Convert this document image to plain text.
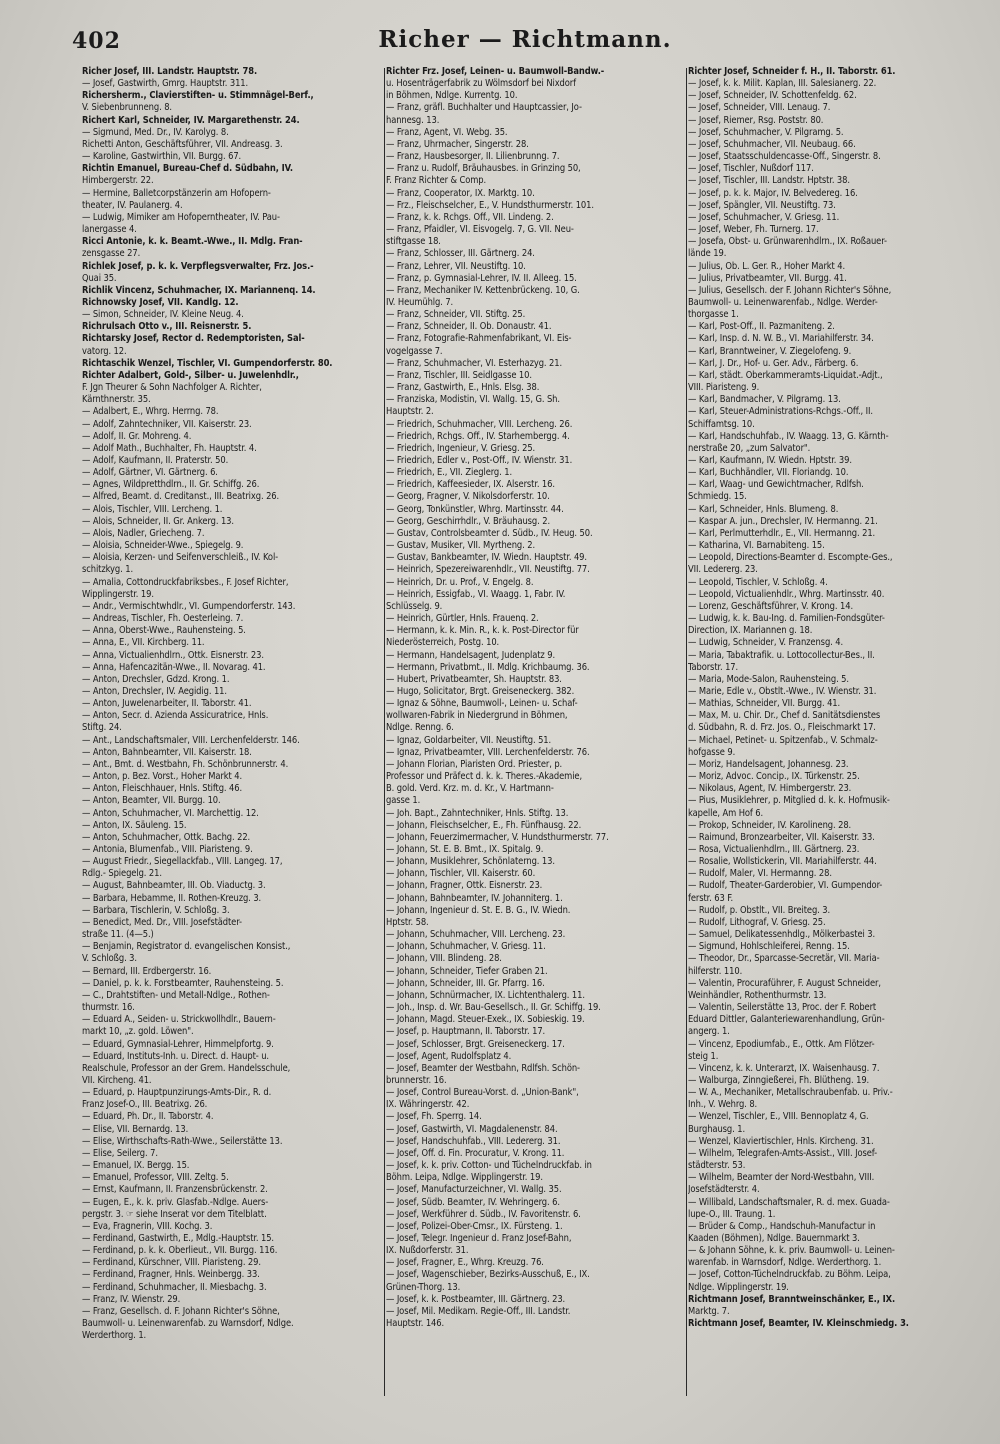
402	Richer — Richtmann.
Richer Josef, III. Landstr. Hauptstr. 78.
— Josef, Gastwirth, Gmrg. Hauptstr. 311.
Richersherm., Clavierstiften- u. Stimmnägel-Berf.,
V. Siebenbrunneng. 8.
Richert Karl, Schneider, IV. Margarethenstr. 24.
— Sigmund, Med. Dr., IV. Karolyg. 8.
Richetti Anton, Geschäftsführer, VII. Andreasg. 3.
— Karoline, Gastwirthin, VII. Burgg. 67.
Richtin Emanuel, Bureau-Chef d. Südbahn, IV.
Himbergerstr. 22.
— Hermine, Balletcorpstänzerin am Hofopern-
theater, IV. Paulanerg. 4.
— Ludwig, Mimiker am Hofoperntheater, IV. Pau-
lanergasse 4.
Ricci Antonie, k. k. Beamt.-Wwe., II. Mdlg. Fran-
zensgasse 27.
Richlek Josef, p. k. k. Verpflegsverwalter, Frz. Jos.-
Quai 35.
Richlik Vincenz, Schuhmacher, IX. Mariannenq. 14.
Richnowsky Josef, VII. Kandlg. 12.
— Simon, Schneider, IV. Kleine Neug. 4.
Richrulsach Otto v., III. Reisnerstr. 5.
Richtarsky Josef, Rector d. Redemptoristen, Sal-
vatorg. 12.
Richtaschik Wenzel, Tischler, VI. Gumpendorferstr. 80.
Richter Adalbert, Gold-, Silber- u. Juwelenhdlr.,
F. Jgn Theurer & Sohn Nachfolger A. Richter,
Kärnthnerstr. 35.
— Adalbert, E., Whrg. Herrng. 78.
— Adolf, Zahntechniker, VII. Kaiserstr. 23.
— Adolf, II. Gr. Mohreng. 4.
— Adolf Math., Buchhalter, Fh. Hauptstr. 4.
— Adolf, Kaufmann, II. Praterstr. 50.
— Adolf, Gärtner, VI. Gärtnerg. 6.
— Agnes, Wildpretthdlrn., II. Gr. Schiffg. 26.
— Alfred, Beamt. d. Creditanst., III. Beatrixg. 26.
— Alois, Tischler, VIII. Lercheng. 1.
— Alois, Schneider, II. Gr. Ankerg. 13.
— Alois, Nadler, Griecheng. 7.
— Aloisia, Schneider-Wwe., Spiegelg. 9.
— Aloisia, Kerzen- und Seifenverschleiß., IV. Kol-
schitzkyg. 1.
— Amalia, Cottondruckfabriksbes., F. Josef Richter,
Wipplingerstr. 19.
— Andr., Vermischtwhdlr., VI. Gumpendorferstr. 143.
— Andreas, Tischler, Fh. Oesterleing. 7.
— Anna, Oberst-Wwe., Rauhensteing. 5.
— Anna, E., VII. Kirchberg. 11.
— Anna, Victualienhdlrn., Ottk. Eisnerstr. 23.
— Anna, Hafencazitän-Wwe., II. Novarag. 41.
— Anton, Drechsler, Gdzd. Krong. 1.
— Anton, Drechsler, IV. Aegidig. 11.
— Anton, Juwelenarbeiter, II. Taborstr. 41.
— Anton, Secr. d. Azienda Assicuratrice, Hnls.
Stiftg. 24.
— Ant., Landschaftsmaler, VIII. Lerchenfelderstr. 146.
— Anton, Bahnbeamter, VII. Kaiserstr. 18.
— Ant., Bmt. d. Westbahn, Fh. Schönbrunnerstr. 4.
— Anton, p. Bez. Vorst., Hoher Markt 4.
— Anton, Fleischhauer, Hnls. Stiftg. 46.
— Anton, Beamter, VII. Burgg. 10.
— Anton, Schuhmacher, VI. Marchettig. 12.
— Anton, IX. Säuleng. 15.
— Anton, Schuhmacher, Ottk. Bachg. 22.
— Antonia, Blumenfab., VIII. Piaristeng. 9.
— August Friedr., Siegellackfab., VIII. Langeg. 17,
Rdlg.- Spiegelg. 21.
— August, Bahnbeamter, III. Ob. Viaductg. 3.
— Barbara, Hebamme, II. Rothen-Kreuzg. 3.
— Barbara, Tischlerin, V. Schloßg. 3.
— Benedict, Med. Dr., VIII. Josefstädter-
straße 11. (4—5.)
— Benjamin, Registrator d. evangelischen Konsist.,
V. Schloßg. 3.
— Bernard, III. Erdbergerstr. 16.
— Daniel, p. k. k. Forstbeamter, Rauhensteing. 5.
— C., Drahtstiften- und Metall-Ndlge., Rothen-
thurmstr. 16.
— Eduard A., Seiden- u. Strickwollhdlr., Bauern-
markt 10, „z. gold. Löwen".
— Eduard, Gymnasial-Lehrer, Himmelpfortg. 9.
— Eduard, Instituts-Inh. u. Direct. d. Haupt- u.
Realschule, Professor an der Grem. Handelsschule,
VII. Kircheng. 41.
— Eduard, p. Hauptpunzirungs-Amts-Dir., R. d.
Franz Josef-O., III. Beatrixg. 26.
— Eduard, Ph. Dr., II. Taborstr. 4.
— Elise, VII. Bernardg. 13.
— Elise, Wirthschafts-Rath-Wwe., Seilerstätte 13.
— Elise, Seilerg. 7.
— Emanuel, IX. Bergg. 15.
— Emanuel, Professor, VIII. Zeltg. 5.
— Ernst, Kaufmann, II. Franzensbrückenstr. 2.
— Eugen, E., k. k. priv. Glasfab.-Ndlge. Auers-
pergstr. 3. ☞ siehe Inserat vor dem Titelblatt.
— Eva, Fragnerin, VIII. Kochg. 3.
— Ferdinand, Gastwirth, E., Mdlg.-Hauptstr. 15.
— Ferdinand, p. k. k. Oberlieut., VII. Burgg. 116.
— Ferdinand, Kürschner, VIII. Piaristeng. 29.
— Ferdinand, Fragner, Hnls. Weinbergg. 33.
— Ferdinand, Schuhmacher, II. Miesbachg. 3.
— Franz, IV. Wienstr. 29.
— Franz, Gesellsch. d. F. Johann Richter's Söhne,
Baumwoll- u. Leinenwarenfab. zu Warnsdorf, Ndlge.
Werderthorg. 1.
Richter Frz. Josef, Leinen- u. Baumwoll-Bandw.-
u. Hosenträgerfabrik zu Wölmsdorf bei Nixdorf
in Böhmen, Ndlge. Kurrentg. 10.
— Franz, gräfl. Buchhalter und Hauptcassier, Jo-
hannesg. 13.
— Franz, Agent, VI. Webg. 35.
— Franz, Uhrmacher, Singerstr. 28.
— Franz, Hausbesorger, II. Lilienbrunng. 7.
— Franz u. Rudolf, Bräuhausbes. in Grinzing 50,
F. Franz Richter & Comp.
— Franz, Cooperator, IX. Marktg. 10.
— Frz., Fleischselcher, E., V. Hundsthurmerstr. 101.
— Franz, k. k. Rchgs. Off., VII. Lindeng. 2.
— Franz, Pfaidler, VI. Eisvogelg. 7, G. VII. Neu-
stiftgasse 18.
— Franz, Schlosser, III. Gärtnerg. 24.
— Franz, Lehrer, VII. Neustiftg. 10.
— Franz, p. Gymnasial-Lehrer, IV. II. Alleeg. 15.
— Franz, Mechaniker IV. Kettenbrückeng. 10, G.
IV. Heumühlg. 7.
— Franz, Schneider, VII. Stiftg. 25.
— Franz, Schneider, II. Ob. Donaustr. 41.
— Franz, Fotografie-Rahmenfabrikant, VI. Eis-
vogelgasse 7.
— Franz, Schuhmacher, VI. Esterhazyg. 21.
— Franz, Tischler, III. Seidlgasse 10.
— Franz, Gastwirth, E., Hnls. Elsg. 38.
— Franziska, Modistin, VI. Wallg. 15, G. Sh.
Hauptstr. 2.
— Friedrich, Schuhmacher, VIII. Lercheng. 26.
— Friedrich, Rchgs. Off., IV. Starhembergg. 4.
— Friedrich, Ingenieur, V. Griesg. 25.
— Friedrich, Edler v., Post-Off., IV. Wienstr. 31.
— Friedrich, E., VII. Zieglerg. 1.
— Friedrich, Kaffeesieder, IX. Alserstr. 16.
— Georg, Fragner, V. Nikolsdorferstr. 10.
— Georg, Tonkünstler, Whrg. Martinsstr. 44.
— Georg, Geschirrhdlr., V. Bräuhausg. 2.
— Gustav, Controlsbeamter d. Südb., IV. Heug. 50.
— Gustav, Musiker, VII. Myrtheng. 2.
— Gustav, Bankbeamter, IV. Wiedn. Hauptstr. 49.
— Heinrich, Spezereiwarenhdlr., VII. Neustiftg. 77.
— Heinrich, Dr. u. Prof., V. Engelg. 8.
— Heinrich, Essigfab., VI. Waagg. 1, Fabr. IV.
Schlüsselg. 9.
— Heinrich, Gürtler, Hnls. Frauenq. 2.
— Hermann, k. k. Min. R., k. k. Post-Director für
Niederösterreich, Postg. 10.
— Hermann, Handelsagent, Judenplatz 9.
— Hermann, Privatbmt., II. Mdlg. Krichbaumg. 36.
— Hubert, Privatbeamter, Sh. Hauptstr. 83.
— Hugo, Solicitator, Brgt. Greiseneckerg. 382.
— Ignaz & Söhne, Baumwoll-, Leinen- u. Schaf-
wollwaren-Fabrik in Niedergrund in Böhmen,
Ndlge. Renng. 6.
— Ignaz, Goldarbeiter, VII. Neustiftg. 51.
— Ignaz, Privatbeamter, VIII. Lerchenfelderstr. 76.
— Johann Florian, Piaristen Ord. Priester, p.
Professor und Präfect d. k. k. Theres.-Akademie,
B. gold. Verd. Krz. m. d. Kr., V. Hartmann-
gasse 1.
— Joh. Bapt., Zahntechniker, Hnls. Stiftg. 13.
— Johann, Fleischselcher, E., Fh. Fünfhausg. 22.
— Johann, Feuerzimermacher, V. Hundsthurmerstr. 77.
— Johann, St. E. B. Bmt., IX. Spitalg. 9.
— Johann, Musiklehrer, Schönlaterng. 13.
— Johann, Tischler, VII. Kaiserstr. 60.
— Johann, Fragner, Ottk. Eisnerstr. 23.
— Johann, Bahnbeamter, IV. Johanniterg. 1.
— Johann, Ingenieur d. St. E. B. G., IV. Wiedn.
Hptstr. 58.
— Johann, Schuhmacher, VIII. Lercheng. 23.
— Johann, Schuhmacher, V. Griesg. 11.
— Johann, VIII. Blindeng. 28.
— Johann, Schneider, Tiefer Graben 21.
— Johann, Schneider, III. Gr. Pfarrg. 16.
— Johann, Schnürmacher, IX. Lichtenthalerg. 11.
— Joh., Insp. d. Wr. Bau-Gesellsch., II. Gr. Schiffg. 19.
— Johann, Magd. Steuer-Exek., IX. Sobieskig. 19.
— Josef, p. Hauptmann, II. Taborstr. 17.
— Josef, Schlosser, Brgt. Greiseneckerg. 17.
— Josef, Agent, Rudolfsplatz 4.
— Josef, Beamter der Westbahn, Rdlfsh. Schön-
brunnerstr. 16.
— Josef, Control Bureau-Vorst. d. „Union-Bank",
IX. Währingerstr. 42.
— Josef, Fh. Sperrg. 14.
— Josef, Gastwirth, VI. Magdalenenstr. 84.
— Josef, Handschuhfab., VIII. Ledererg. 31.
— Josef, Off. d. Fin. Procuratur, V. Krong. 11.
— Josef, k. k. priv. Cotton- und Tüchelndruckfab. in
Böhm. Leipa, Ndlge. Wipplingerstr. 19.
— Josef, Manufacturzeichner, VI. Wallg. 35.
— Josef, Südb. Beamter, IV. Wehringerg. 6.
— Josef, Werkführer d. Südb., IV. Favoritenstr. 6.
— Josef, Polizei-Ober-Cmsr., IX. Fürsteng. 1.
— Josef, Telegr. Ingenieur d. Franz Josef-Bahn,
IX. Nußdorferstr. 31.
— Josef, Fragner, E., Whrg. Kreuzg. 76.
— Josef, Wagenschieber, Bezirks-Ausschuß, E., IX.
Grünen-Thorg. 13.
— Josef, k. k. Postbeamter, III. Gärtnerg. 23.
— Josef, Mil. Medikam. Regie-Off., III. Landstr.
Hauptstr. 146.
Richter Josef, Schneider f. H., II. Taborstr. 61.
— Josef, k. k. Milit. Kaplan, III. Salesianerg. 22.
— Josef, Schneider, IV. Schottenfeldg. 62.
— Josef, Schneider, VIII. Lenaug. 7.
— Josef, Riemer, Rsg. Poststr. 80.
— Josef, Schuhmacher, V. Pilgramg. 5.
— Josef, Schuhmacher, VII. Neubaug. 66.
— Josef, Staatsschuldencasse-Off., Singerstr. 8.
— Josef, Tischler, Nußdorf 117.
— Josef, Tischler, III. Landstr. Hptstr. 38.
— Josef, p. k. k. Major, IV. Belvedereg. 16.
— Josef, Spängler, VII. Neustiftg. 73.
— Josef, Schuhmacher, V. Griesg. 11.
— Josef, Weber, Fh. Turnerg. 17.
— Josefa, Obst- u. Grünwarenhdlrn., IX. Roßauer-
lände 19.
— Julius, Ob. L. Ger. R., Hoher Markt 4.
— Julius, Privatbeamter, VII. Burgg. 41.
— Julius, Gesellsch. der F. Johann Richter's Söhne,
Baumwoll- u. Leinenwarenfab., Ndlge. Werder-
thorgasse 1.
— Karl, Post-Off., II. Pazmaniteng. 2.
— Karl, Insp. d. N. W. B., VI. Mariahilferstr. 34.
— Karl, Branntweiner, V. Ziegelofeng. 9.
— Karl, J. Dr., Hof- u. Ger. Adv., Färberg. 6.
— Karl, städt. Oberkammeramts-Liquidat.-Adjt.,
VIII. Piaristeng. 9.
— Karl, Bandmacher, V. Pilgramg. 13.
— Karl, Steuer-Administrations-Rchgs.-Off., II.
Schiffamtsg. 10.
— Karl, Handschuhfab., IV. Waagg. 13, G. Kärnth-
nerstraße 20, „zum Salvator".
— Karl, Kaufmann, IV. Wiedn. Hptstr. 39.
— Karl, Buchhändler, VII. Floriandg. 10.
— Karl, Waag- und Gewichtmacher, Rdlfsh.
Schmiedg. 15.
— Karl, Schneider, Hnls. Blumeng. 8.
— Kaspar A. jun., Drechsler, IV. Hermanng. 21.
— Karl, Perlmutterhdlr., E., VII. Hermanng. 21.
— Katharina, VI. Barnabiteng. 15.
— Leopold, Directions-Beamter d. Escompte-Ges.,
VII. Ledererg. 23.
— Leopold, Tischler, V. Schloßg. 4.
— Leopold, Victualienhdlr., Whrg. Martinsstr. 40.
— Lorenz, Geschäftsführer, V. Krong. 14.
— Ludwig, k. k. Bau-Ing. d. Familien-Fondsgüter-
Direction, IX. Mariannen g. 18.
— Ludwig, Schneider, V. Franzensg. 4.
— Maria, Tabaktrafik. u. Lottocollectur-Bes., II.
Taborstr. 17.
— Maria, Mode-Salon, Rauhensteing. 5.
— Marie, Edle v., Obstlt.-Wwe., IV. Wienstr. 31.
— Mathias, Schneider, VII. Burgg. 41.
— Max, M. u. Chir. Dr., Chef d. Sanitätsdienstes
d. Südbahn, R. d. Frz. Jos. O., Fleischmarkt 17.
— Michael, Petinet- u. Spitzenfab., V. Schmalz-
hofgasse 9.
— Moriz, Handelsagent, Johannesg. 23.
— Moriz, Advoc. Concip., IX. Türkenstr. 25.
— Nikolaus, Agent, IV. Himbergerstr. 23.
— Pius, Musiklehrer, p. Mitglied d. k. k. Hofmusik-
kapelle, Am Hof 6.
— Prokop, Schneider, IV. Karolineng. 28.
— Raimund, Bronzearbeiter, VII. Kaiserstr. 33.
— Rosa, Victualienhdlrn., III. Gärtnerg. 23.
— Rosalie, Wollstickerin, VII. Mariahilferstr. 44.
— Rudolf, Maler, VI. Hermanng. 28.
— Rudolf, Theater-Garderobier, VI. Gumpendor-
ferstr. 63 F.
— Rudolf, p. Obstlt., VII. Breiteg. 3.
— Rudolf, Lithograf, V. Griesg. 25.
— Samuel, Delikatessenhdlg., Mölkerbastei 3.
— Sigmund, Hohlschleiferei, Renng. 15.
— Theodor, Dr., Sparcasse-Secretär, VII. Maria-
hilferstr. 110.
— Valentin, Procuraführer, F. August Schneider,
Weinhändler, Rothenthurmstr. 13.
— Valentin, Seilerstätte 13, Proc. der F. Robert
Eduard Dittler, Galanteriewarenhandlung, Grün-
angerg. 1.
— Vincenz, Epodiumfab., E., Ottk. Am Flötzer-
steig 1.
— Vincenz, k. k. Unterarzt, IX. Waisenhausg. 7.
— Walburga, Zinngießerei, Fh. Blütheng. 19.
— W. A., Mechaniker, Metallschraubenfab. u. Priv.-
Inh., V. Wehrg. 8.
— Wenzel, Tischler, E., VIII. Bennoplatz 4, G.
Burghausg. 1.
— Wenzel, Klaviertischler, Hnls. Kircheng. 31.
— Wilhelm, Telegrafen-Amts-Assist., VIII. Josef-
städterstr. 53.
— Wilhelm, Beamter der Nord-Westbahn, VIII.
Josefstädterstr. 4.
— Willibald, Landschaftsmaler, R. d. mex. Guada-
lupe-O., III. Traung. 1.
— Brüder & Comp., Handschuh-Manufactur in
Kaaden (Böhmen), Ndlge. Bauernmarkt 3.
— & Johann Söhne, k. k. priv. Baumwoll- u. Leinen-
warenfab. in Warnsdorf, Ndlge. Werderthorg. 1.
— Josef, Cotton-Tüchelndruckfab. zu Böhm. Leipa,
Ndlge. Wipplingerstr. 19.
Richtmann Josef, Branntweinschänker, E., IX.
Marktg. 7.
Richtmann Josef, Beamter, IV. Kleinschmiedg. 3.
